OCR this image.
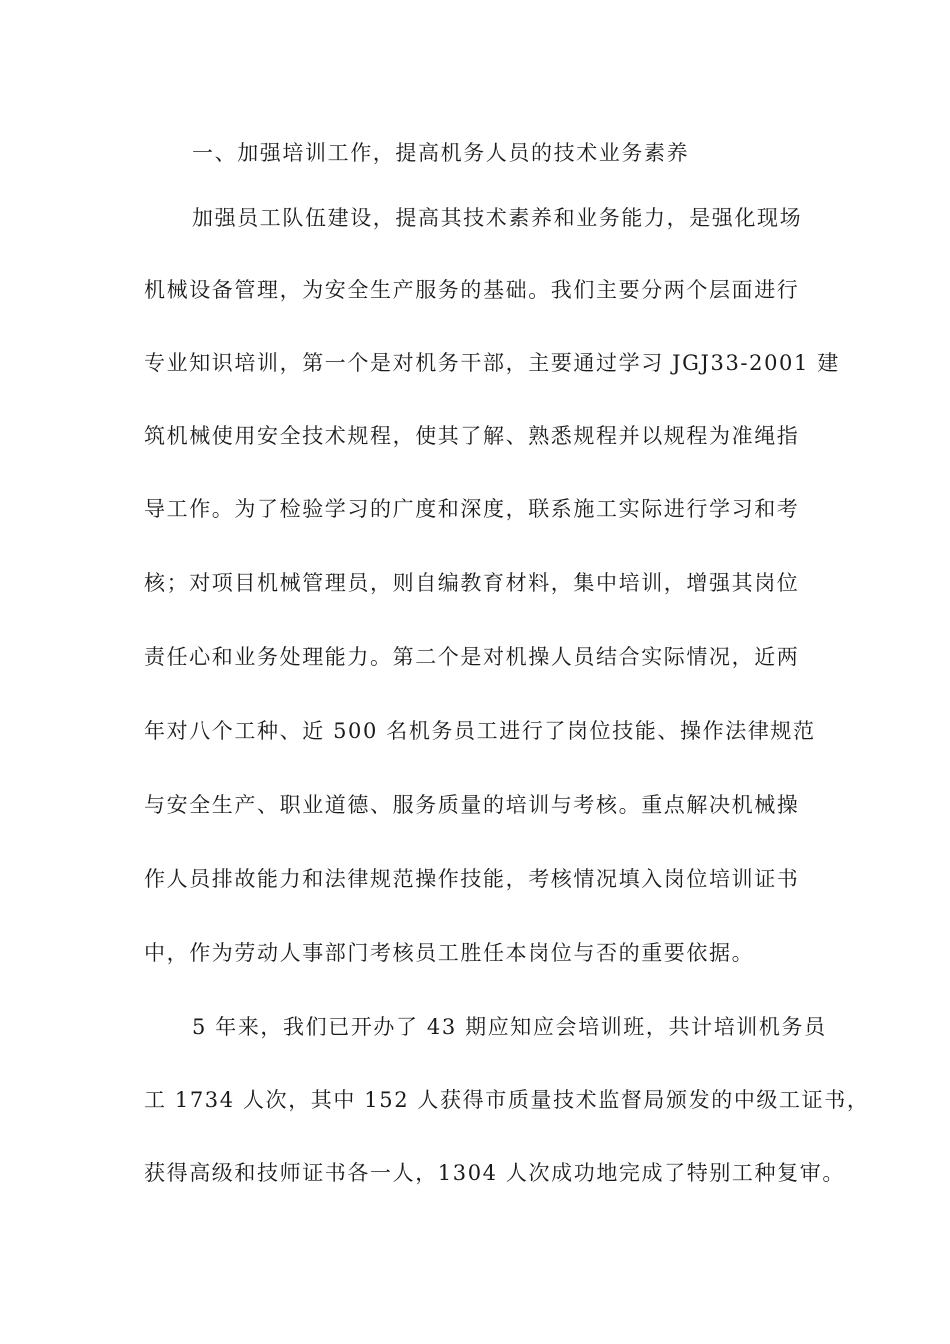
一、加强培训工作，提高机务人员的技术业务素养
加强员工队伍建设，提高其技术素养和业务能力，是强化现场
机械设备管理，为安全生产服务的基础。我们主要分两个层面进行
专业知识培训，第一个是对机务干部，主要通过学习 JGJ33-2001 建
筑机械使用安全技术规程，使其了解、熟悉规程并以规程为准绳指
导工作。为了检验学习的广度和深度，联系施工实际进行学习和考
核；对项目机械管理员，则自编教育材料，集中培训，增强其岗位
责任心和业务处理能力。第二个是对机操人员结合实际情况，近两
年对八个工种、近 500 名机务员工进行了岗位技能、操作法律规范
与安全生产、职业道德、服务质量的培训与考核。重点解决机械操
作人员排故能力和法律规范操作技能，考核情况填入岗位培训证书
中，作为劳动人事部门考核员工胜任本岗位与否的重要依据。
5 年来，我们已开办了 43 期应知应会培训班，共计培训机务员
工 1734 人次，其中 152 人获得市质量技术监督局颁发的中级工证书，
获得高级和技师证书各一人，1304 人次成功地完成了特别工种复审。
